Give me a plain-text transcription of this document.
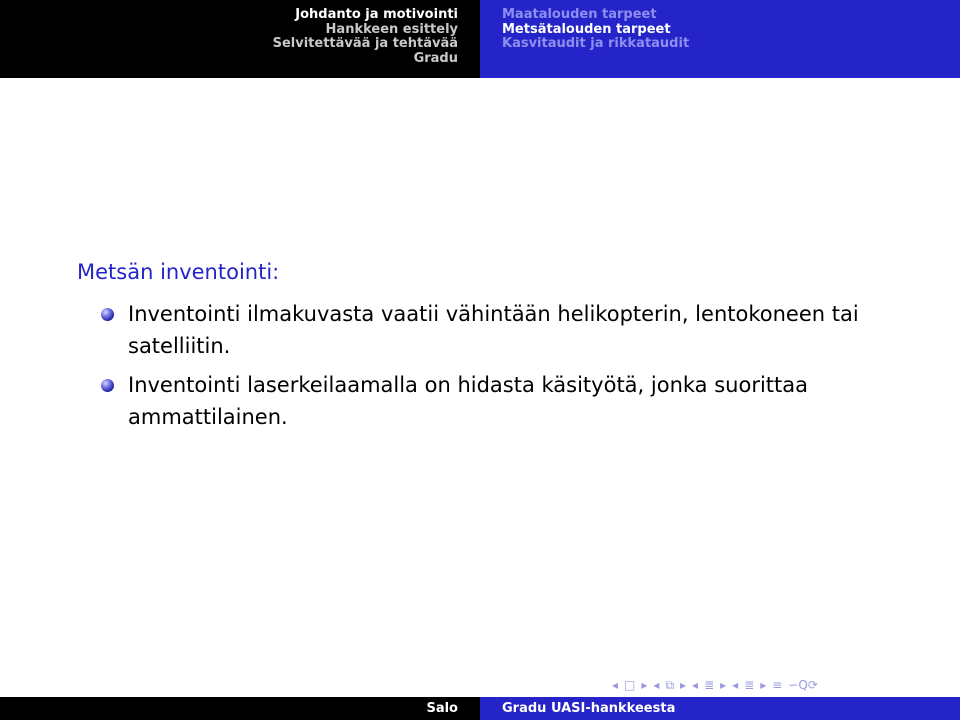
Johdanto ja motivointi
Hankkeen esittely
Selvitettävää ja tehtävää
Gradu
Maatalouden tarpeet
Metsätalouden tarpeet
Kasvitaudit ja rikkataudit
Metsän inventointi:
Inventointi ilmakuvasta vaatii vähintään helikopterin, lentokoneen tai satelliitin.
Inventointi laserkeilaamalla on hidasta käsityötä, jonka suorittaa ammattilainen.
◂ □ ▸ ◂ ⧉ ▸ ◂ ≣ ▸ ◂ ≣ ▸ ≡ ∽Q⟳
Salo	Gradu UASI-hankkeesta
